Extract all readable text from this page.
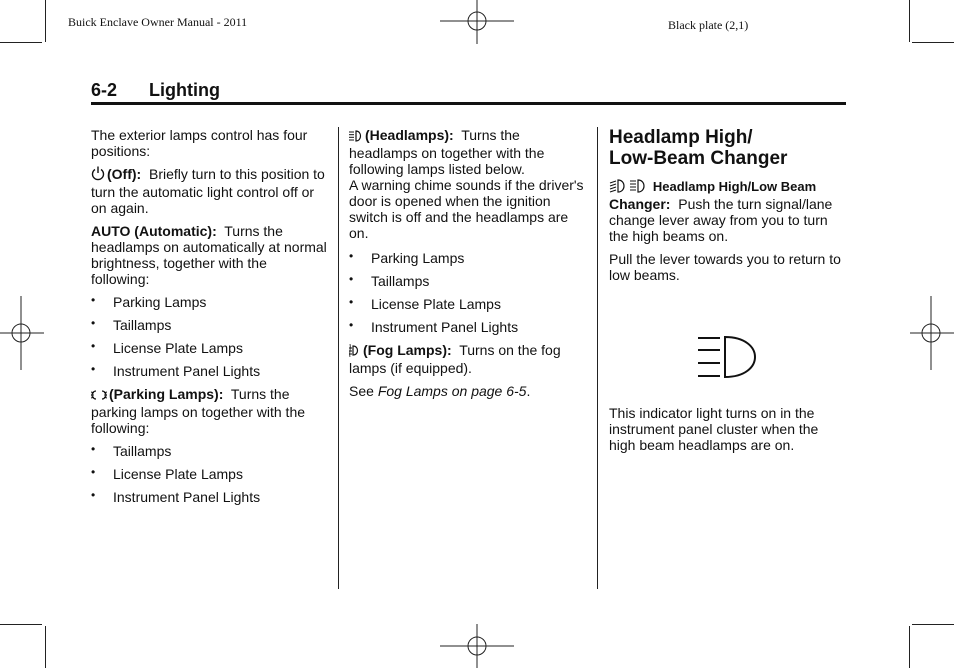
Buick Enclave Owner Manual - 2011	Black plate (2,1)
6-2 Lighting

The exterior lamps control has four positions:

(Off): Briefly turn to this position to turn the automatic light control off or on again.

AUTO (Automatic): Turns the headlamps on automatically at normal brightness, together with the following:

• Parking Lamps
• Taillamps
• License Plate Lamps
• Instrument Panel Lights

(Parking Lamps): Turns the parking lamps on together with the following:

• Taillamps
• License Plate Lamps
• Instrument Panel Lights

(Headlamps): Turns the headlamps on together with the following lamps listed below.

A warning chime sounds if the driver's door is opened when the ignition switch is off and the headlamps are on.

• Parking Lamps
• Taillamps
• License Plate Lamps
• Instrument Panel Lights

(Fog Lamps): Turns on the fog lamps (if equipped).

See Fog Lamps on page 6-5.

Headlamp High/
Low-Beam Changer

Headlamp High/Low Beam Changer: Push the turn signal/lane change lever away from you to turn the high beams on.

Pull the lever towards you to return to low beams.

This indicator light turns on in the instrument panel cluster when the high beam headlamps are on.
